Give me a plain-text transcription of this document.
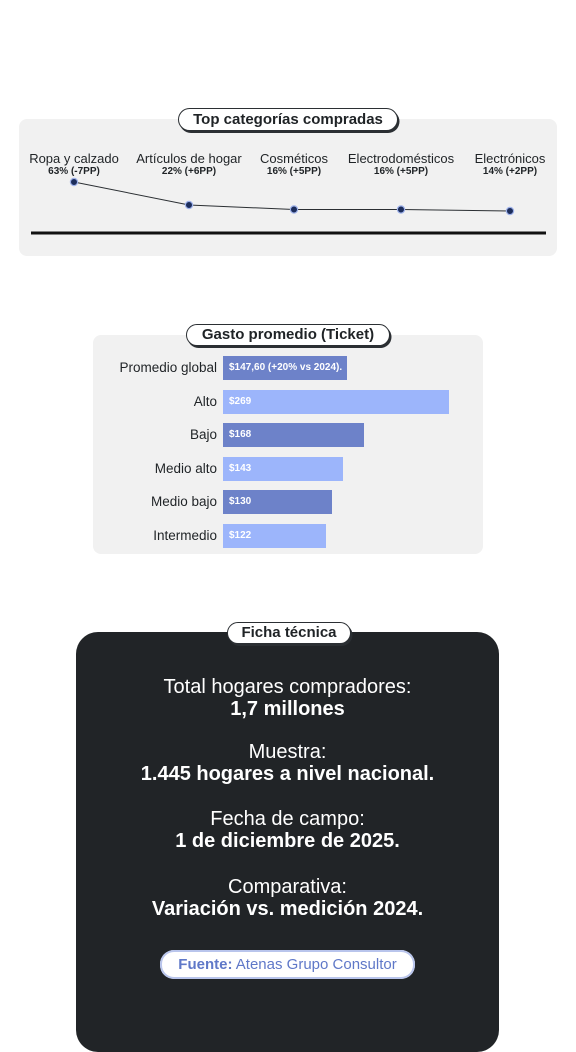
Top categorías compradas
Ropa y calzado
63% (-7PP)
Artículos de hogar
22% (+6PP)
Cosméticos
16% (+5PP)
Electrodomésticos
16% (+5PP)
Electrónicos
14% (+2PP)
Gasto promedio (Ticket)
Promedio global $147,60 (+20% vs 2024).
Alto $269
Bajo $168
Medio alto $143
Medio bajo $130
Intermedio $122
Ficha técnica
Total hogares compradores:
1,7 millones
Muestra:
1.445 hogares a nivel nacional.
Fecha de campo:
1 de diciembre de 2025.
Comparativa:
Variación vs. medición 2024.
Fuente: Atenas Grupo Consultor
